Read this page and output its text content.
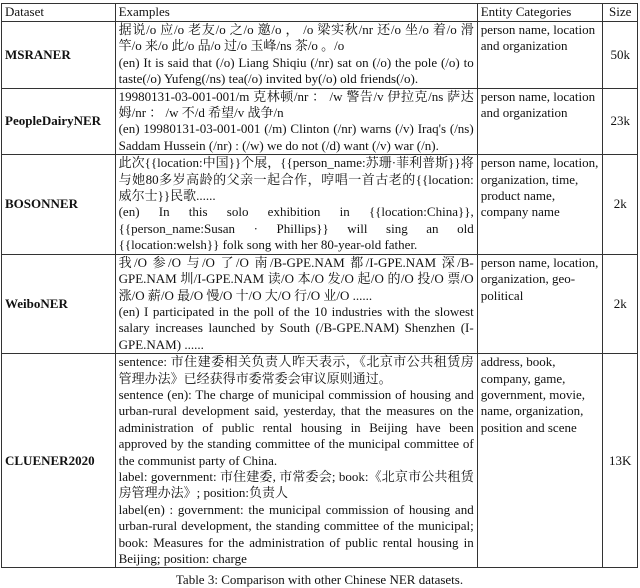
Dataset	Examples	Entity Categories	Size
MSRANER	据说/o 应/o 老友/o 之/o 邀/o ， /o 梁实秋/nr 还/o 坐/o 着/o 滑竿/o 来/o 此/o 品/o 过/o 玉峰/ns 茶/o 。/o

(en) It is said that (/o) Liang Shiqiu (/nr) sat on (/o) the pole (/o) to taste(/o) Yufeng(/ns) tea(/o) invited by(/o) old friends(/o).	person name, location and organization	50k
PeopleDairyNER	19980131-03-001-001/m 克林顿/nr ： /w 警告/v 伊拉克/ns 萨达姆/nr ： /w 不/d 希望/v 战争/n

(en) 19980131-03-001-001 (/m) Clinton (/nr) warns (/v) Iraq's (/ns) Saddam Hussein (/nr) : (/w) we do not (/d) want (/v) war (/n).	person name, location and organization	23k
BOSONNER	此次{{location:中国}}个展，{{person_name:苏珊·菲利普斯}}将与她80多岁高龄的父亲一起合作，哼唱一首古老的{{location:威尔士}}民歌......

(en) In this solo exhibition in {{location:China}}, {{person_name:Susan · Phillips}} will sing an old {{location:welsh}} folk song with her 80-year-old father.	person name, location, organization, time, product name, company name	2k
WeiboNER	我/O 参/O 与/O 了/O 南/B-GPE.NAM 都/I-GPE.NAM 深/B-GPE.NAM 圳/I-GPE.NAM 读/O 本/O 发/O 起/O 的/O 投/O 票/O 涨/O 薪/O 最/O 慢/O 十/O 大/O 行/O 业/O ......

(en) I participated in the poll of the 10 industries with the slowest salary increases launched by South (/B-GPE.NAM) Shenzhen (I-GPE.NAM) ......	person name, location, organization, geo-political	2k
CLUENER2020	sentence: 市住建委相关负责人昨天表示，《北京市公共租赁房管理办法》已经获得市委常委会审议原则通过。

sentence (en): The charge of municipal commission of housing and urban-rural development said, yesterday, that the measures on the administration of public rental housing in Beijing have been approved by the standing committee of the municipal committee of the communist party of China.

label: government: 市住建委, 市常委会; book:《北京市公共租赁房管理办法》; position:负责人

label(en) : government: the municipal commission of housing and urban-rural development, the standing committee of the municipal; book: Measures for the administration of public rental housing in Beijing; position: charge	address, book, company, game, government, movie, name, organization, position and scene	13K
Table 3: Comparison with other Chinese NER datasets.
